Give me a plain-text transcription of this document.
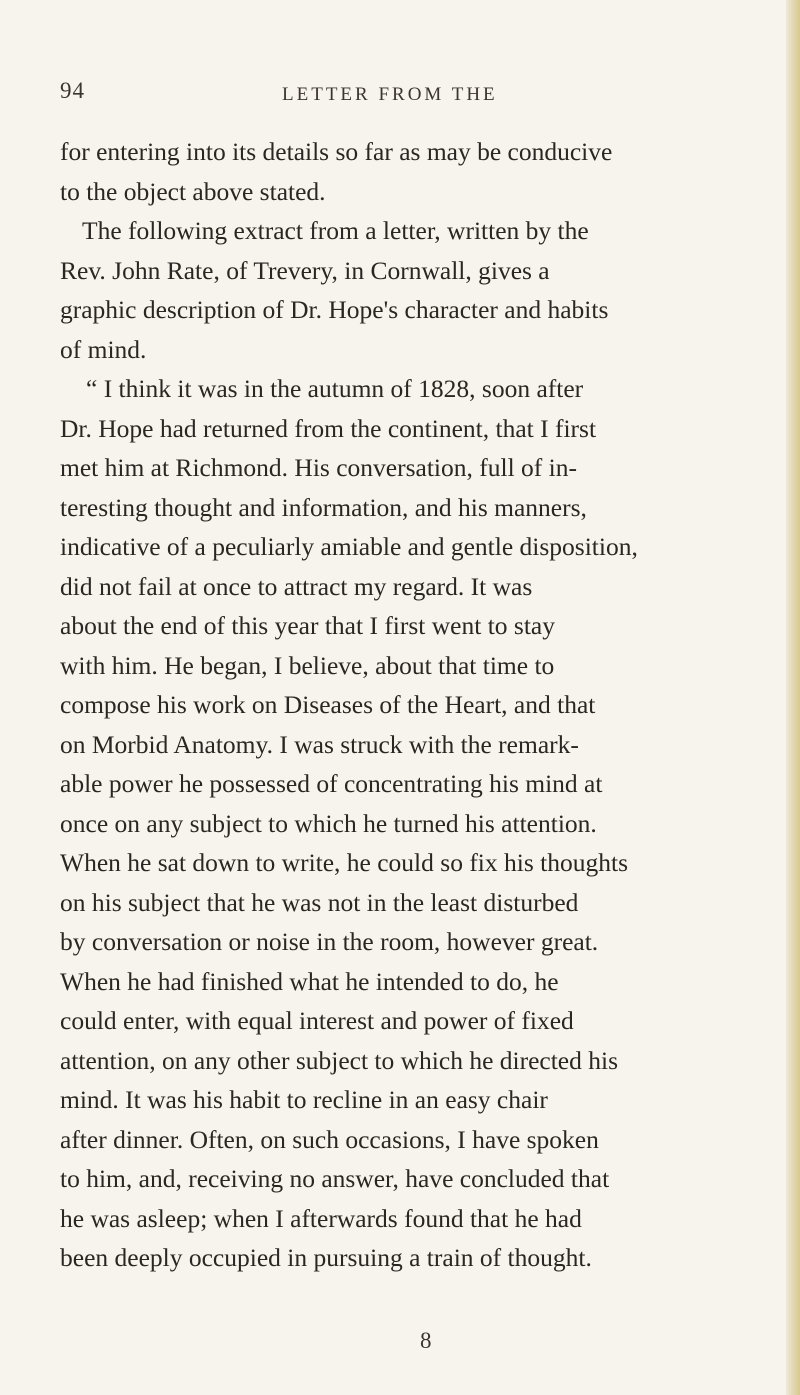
94	LETTER FROM THE
for entering into its details so far as may be conducive
to the object above stated.
The following extract from a letter, written by the
Rev. John Rate, of Trevery, in Cornwall, gives a
graphic description of Dr. Hope's character and habits
of mind.
“ I think it was in the autumn of 1828, soon after
Dr. Hope had returned from the continent, that I first
met him at Richmond. His conversation, full of in-
teresting thought and information, and his manners,
indicative of a peculiarly amiable and gentle disposition,
did not fail at once to attract my regard. It was
about the end of this year that I first went to stay
with him. He began, I believe, about that time to
compose his work on Diseases of the Heart, and that
on Morbid Anatomy. I was struck with the remark-
able power he possessed of concentrating his mind at
once on any subject to which he turned his attention.
When he sat down to write, he could so fix his thoughts
on his subject that he was not in the least disturbed
by conversation or noise in the room, however great.
When he had finished what he intended to do, he
could enter, with equal interest and power of fixed
attention, on any other subject to which he directed his
mind. It was his habit to recline in an easy chair
after dinner. Often, on such occasions, I have spoken
to him, and, receiving no answer, have concluded that
he was asleep; when I afterwards found that he had
been deeply occupied in pursuing a train of thought.
8
